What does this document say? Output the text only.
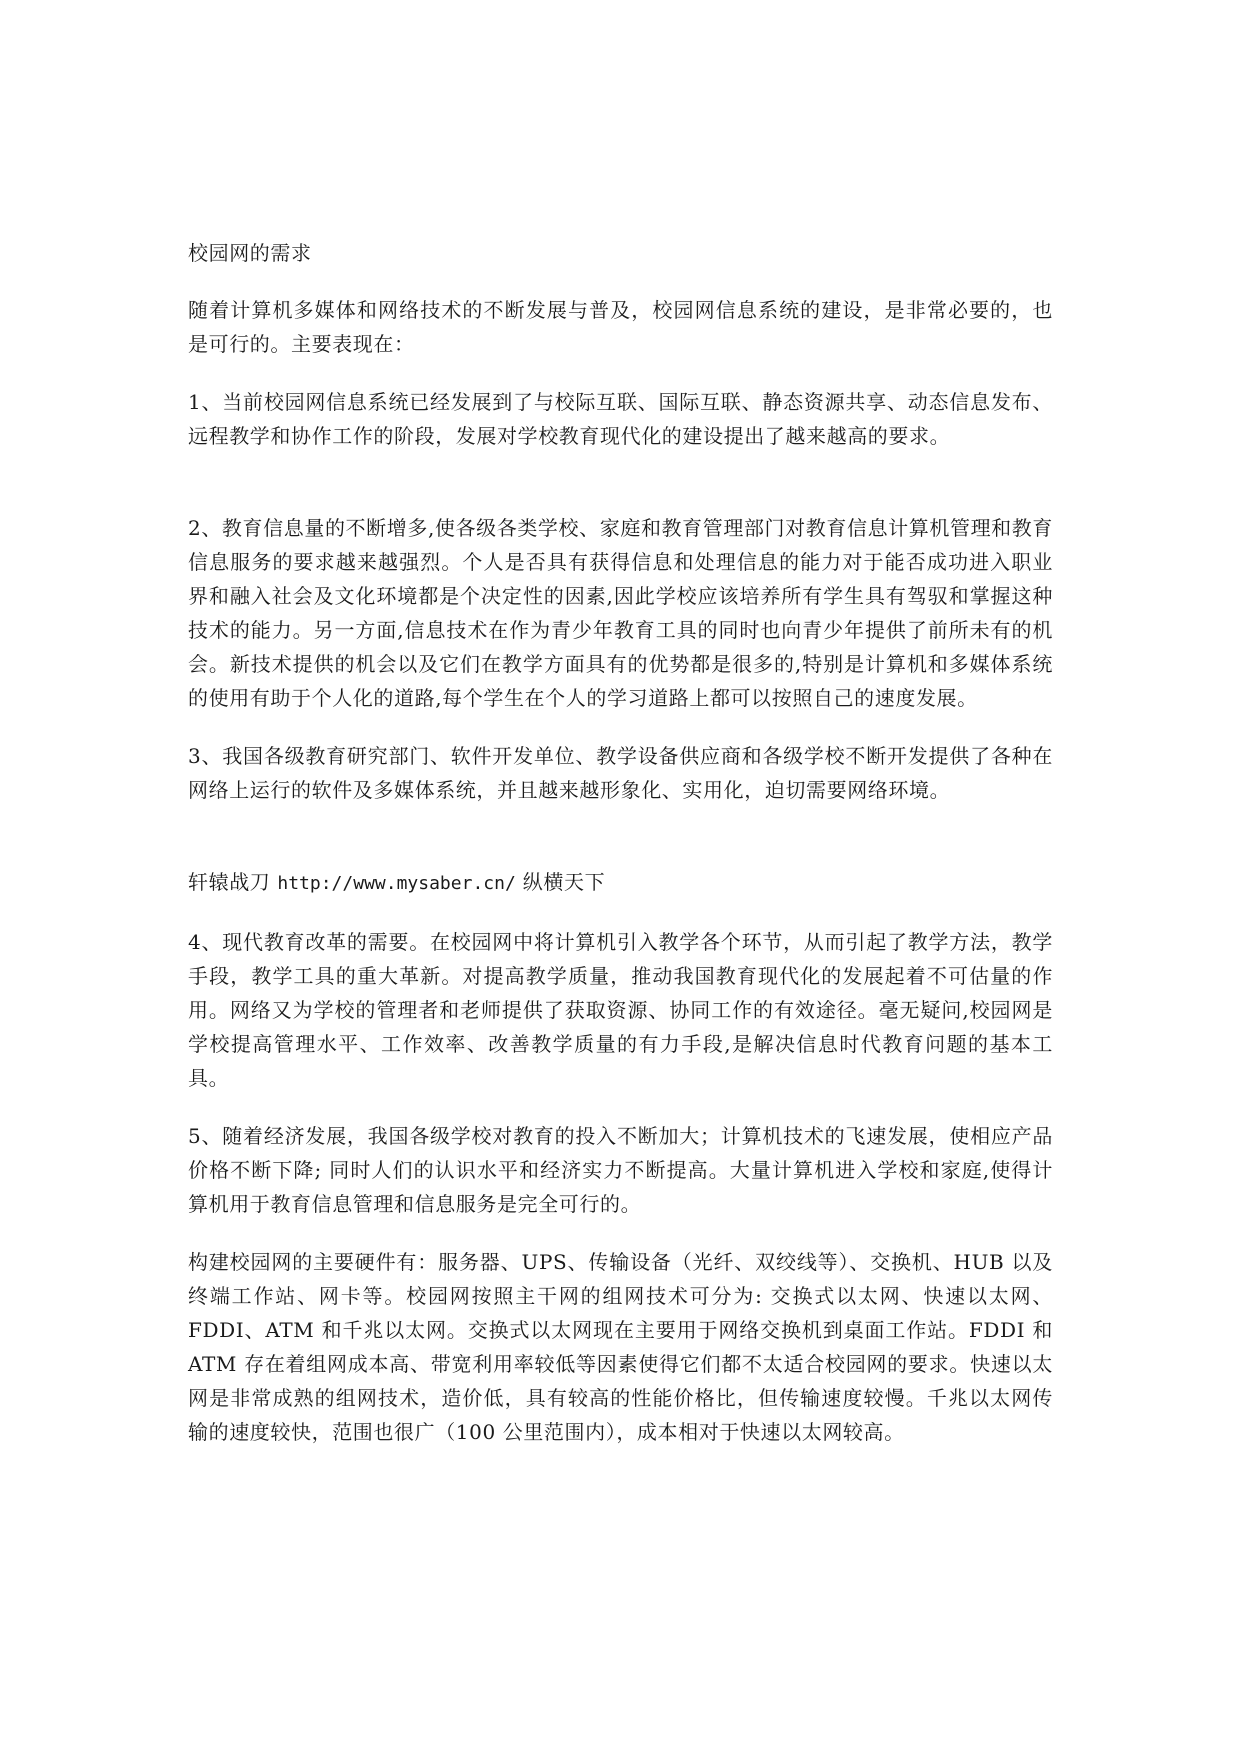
校园网的需求

随着计算机多媒体和网络技术的不断发展与普及，校园网信息系统的建设，是非常必要的，也是可行的。主要表现在：

1、当前校园网信息系统已经发展到了与校际互联、国际互联、静态资源共享、动态信息发布、远程教学和协作工作的阶段，发展对学校教育现代化的建设提出了越来越高的要求。

2、教育信息量的不断增多,使各级各类学校、家庭和教育管理部门对教育信息计算机管理和教育信息服务的要求越来越强烈。个人是否具有获得信息和处理信息的能力对于能否成功进入职业界和融入社会及文化环境都是个决定性的因素,因此学校应该培养所有学生具有驾驭和掌握这种技术的能力。另一方面,信息技术在作为青少年教育工具的同时也向青少年提供了前所未有的机会。新技术提供的机会以及它们在教学方面具有的优势都是很多的,特别是计算机和多媒体系统的使用有助于个人化的道路,每个学生在个人的学习道路上都可以按照自己的速度发展。

3、我国各级教育研究部门、软件开发单位、教学设备供应商和各级学校不断开发提供了各种在网络上运行的软件及多媒体系统，并且越来越形象化、实用化，迫切需要网络环境。

轩辕战刀 http://www.mysaber.cn/ 纵横天下

4、现代教育改革的需要。在校园网中将计算机引入教学各个环节，从而引起了教学方法，教学手段，教学工具的重大革新。对提高教学质量，推动我国教育现代化的发展起着不可估量的作用。网络又为学校的管理者和老师提供了获取资源、协同工作的有效途径。毫无疑问,校园网是学校提高管理水平、工作效率、改善教学质量的有力手段,是解决信息时代教育问题的基本工具。

5、随着经济发展，我国各级学校对教育的投入不断加大；计算机技术的飞速发展，使相应产品价格不断下降; 同时人们的认识水平和经济实力不断提高。大量计算机进入学校和家庭,使得计算机用于教育信息管理和信息服务是完全可行的。

构建校园网的主要硬件有：服务器、UPS、传输设备（光纤、双绞线等）、交换机、HUB 以及终端工作站、网卡等。校园网按照主干网的组网技术可分为: 交换式以太网、快速以太网、FDDI、ATM 和千兆以太网。交换式以太网现在主要用于网络交换机到桌面工作站。FDDI 和 ATM 存在着组网成本高、带宽利用率较低等因素使得它们都不太适合校园网的要求。快速以太网是非常成熟的组网技术，造价低，具有较高的性能价格比，但传输速度较慢。千兆以太网传输的速度较快，范围也很广（100 公里范围内），成本相对于快速以太网较高。
